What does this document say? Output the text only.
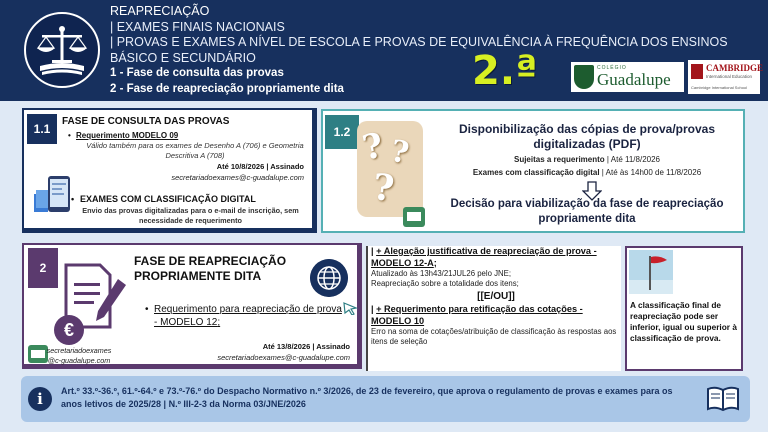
REAPRECIAÇÃO
| EXAMES FINAIS NACIONAIS
| PROVAS E EXAMES A NÍVEL DE ESCOLA E PROVAS DE EQUIVALÊNCIA À FREQUÊNCIA DOS ENSINOS BÁSICO E SECUNDÁRIO
1 - Fase de consulta das provas
2 - Fase de reapreciação propriamente dita	2.ª	COLÉGIO
Guadalupe
CAMBRIDGE
International Education
Cambridge International School
1.1
FASE DE CONSULTA DAS PROVAS
• Requerimento MODELO 09
Válido também para os exames de Desenho A (706) e Geometria Descritiva A (708)
Até 10/8/2026 | Assinado
secretariadoexames@c-guadalupe.com
• EXAMES COM CLASSIFICAÇÃO DIGITAL
Envio das provas digitalizadas para o e-mail de inscrição, sem necessidade de requerimento
1.2 ? ?
?
Disponibilização das cópias de prova/provas digitalizadas (PDF)
Sujeitas a requerimento | Até 11/8/2026
Exames com classificação digital | Até às 14h00 de 11/8/2026
Decisão para viabilização da fase de reapreciação propriamente dita
2
€
secretariadoexames
@c-guadalupe.com
FASE DE REAPRECIAÇÃO PROPRIAMENTE DITA
• Requerimento para reapreciação de prova - MODELO 12;
Até 13/8/2026 | Assinado
secretariadoexames@c-guadalupe.com
| + Alegação justificativa de reapreciação de prova - MODELO 12-A;
Atualizado às 13h43/21JUL26 pelo JNE;
Reapreciação sobre a totalidade dos itens;
[[E/OU]]
| + Requerimento para retificação das cotações - MODELO 10
Erro na soma de cotações/atribuição de classificação às respostas aos itens de seleção
A classificação final de reapreciação pode ser inferior, igual ou superior à classificação de prova.
i	Art.º 33.º-36.º, 61.º-64.º e 73.º-76.º do Despacho Normativo n.º 3/2026, de 23 de fevereiro, que aprova o regulamento de provas e exames para os anos letivos de 2025/28 | N.º III-2-3 da Norma 03/JNE/2026
